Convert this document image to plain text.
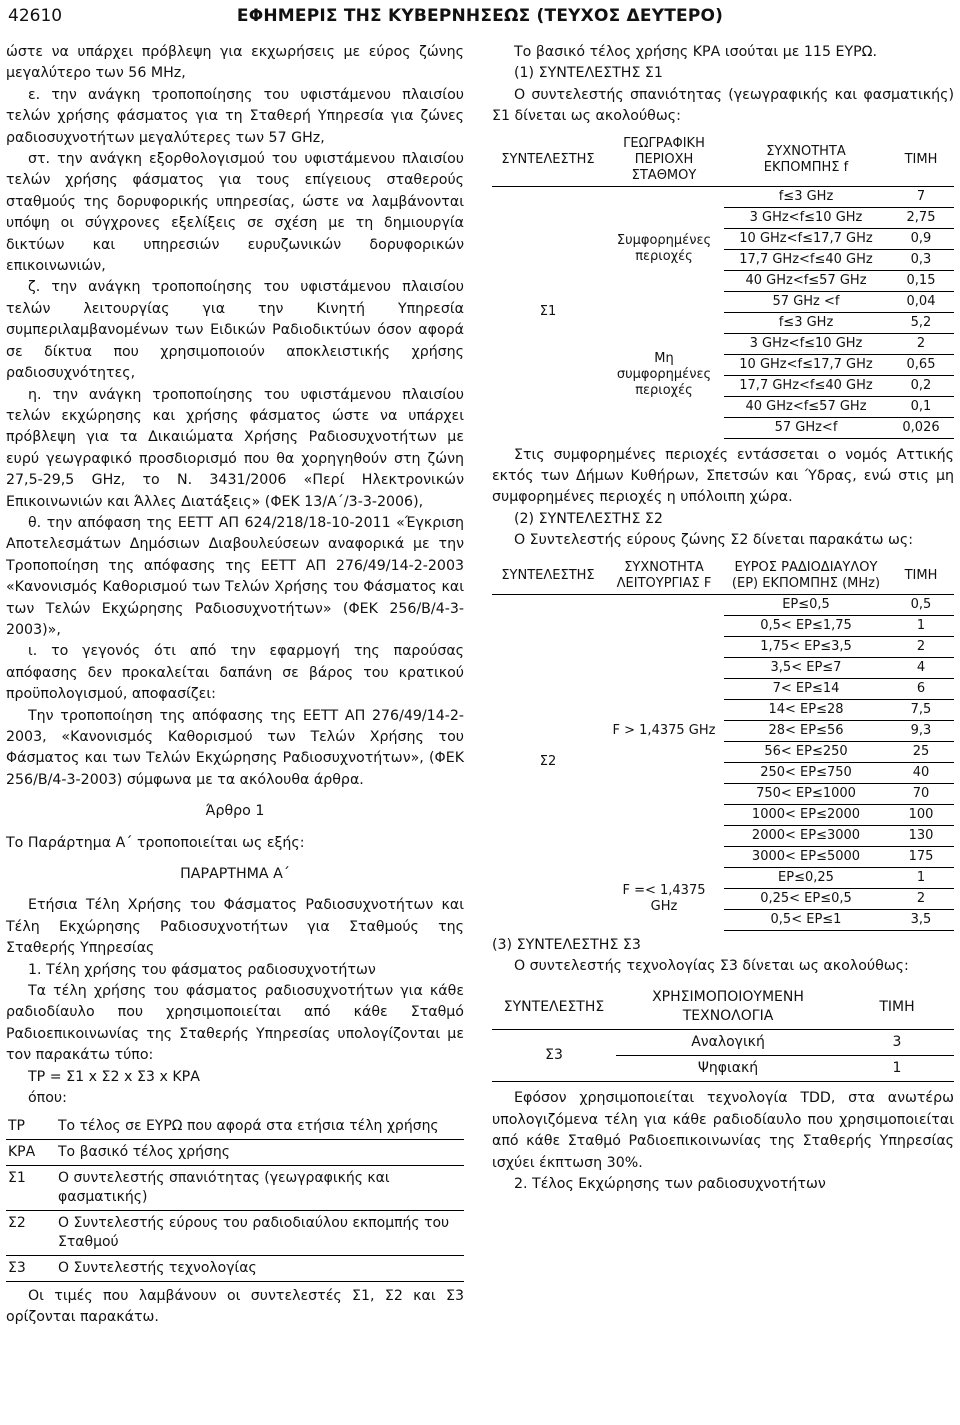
42610	ΕΦΗΜΕΡΙΣ ΤΗΣ ΚΥΒΕΡΝΗΣΕΩΣ (ΤΕΥΧΟΣ ΔΕΥΤΕΡΟ)

ώστε να υπάρχει πρόβλεψη για εκχωρήσεις με εύρος ζώνης μεγαλύτερο των 56 MHz,

ε. την ανάγκη τροποποίησης του υφιστάμενου πλαισίου τελών χρήσης φάσματος για τη Σταθερή Υπηρεσία για ζώνες ραδιοσυχνοτήτων μεγαλύτερες των 57 GHz,

στ. την ανάγκη εξορθολογισμού του υφιστάμενου πλαισίου τελών χρήσης φάσματος για τους επίγειους σταθερούς σταθμούς της δορυφορικής υπηρεσίας, ώστε να λαμβάνονται υπόψη οι σύγχρονες εξελίξεις σε σχέση με τη δημιουργία δικτύων και υπηρεσιών ευρυζωνικών δορυφορικών επικοινωνιών,

ζ. την ανάγκη τροποποίησης του υφιστάμενου πλαισίου τελών λειτουργίας για την Κινητή Υπηρεσία συμπεριλαμβανομένων των Ειδικών Ραδιοδικτύων όσον αφορά σε δίκτυα που χρησιμοποιούν αποκλειστικής χρήσης ραδιοσυχνότητες,

η. την ανάγκη τροποποίησης του υφιστάμενου πλαισίου τελών εκχώρησης και χρήσης φάσματος ώστε να υπάρχει πρόβλεψη για τα Δικαιώματα Χρήσης Ραδιοσυχνοτήτων με ευρύ γεωγραφικό προσδιορισμό που θα χορηγηθούν στη ζώνη 27,5-29,5 GHz, το Ν. 3431/2006 «Περί Ηλεκτρονικών Επικοινωνιών και Άλλες Διατάξεις» (ΦΕΚ 13/Α΄/3-3-2006),

θ. την απόφαση της ΕΕΤΤ ΑΠ 624/218/18-10-2011 «Έγκριση Αποτελεσμάτων Δημόσιων Διαβουλεύσεων αναφορικά με την Τροποποίηση της απόφασης της ΕΕΤΤ ΑΠ 276/49/14-2-2003 «Κανονισμός Καθορισμού των Τελών Χρήσης του Φάσματος και των Τελών Εκχώρησης Ραδιοσυχνοτήτων» (ΦΕΚ 256/Β/4-3-2003)»,

ι. το γεγονός ότι από την εφαρμογή της παρούσας απόφασης δεν προκαλείται δαπάνη σε βάρος του κρατικού προϋπολογισμού, αποφασίζει:

Την τροποποίηση της απόφασης της ΕΕΤΤ ΑΠ 276/49/14-2-2003, «Κανονισμός Καθορισμού των Τελών Χρήσης του Φάσματος και των Τελών Εκχώρησης Ραδιοσυχνοτήτων», (ΦΕΚ 256/Β/4-3-2003) σύμφωνα με τα ακόλουθα άρθρα.

Άρθρο 1

Το Παράρτημα Α΄ τροποποιείται ως εξής:

ΠΑΡΑΡΤΗΜΑ Α΄

Ετήσια Τέλη Χρήσης του Φάσματος Ραδιοσυχνοτήτων και Τέλη Εκχώρησης Ραδιοσυχνοτήτων για Σταθμούς της Σταθερής Υπηρεσίας

1. Τέλη χρήσης του φάσματος ραδιοσυχνοτήτων

Τα τέλη χρήσης του φάσματος ραδιοσυχνοτήτων για κάθε ραδιοδίαυλο που χρησιμοποιείται από κάθε Σταθμό Ραδιοεπικοινωνίας της Σταθερής Υπηρεσίας υπολογίζονται με τον παρακάτω τύπο:

ΤΡ = Σ1 x Σ2 x Σ3 x ΚΡΑ

όπου:

ΤΡ	Το τέλος σε ΕΥΡΩ που αφορά στα ετήσια τέλη χρήσης
ΚΡΑ	Το βασικό τέλος χρήσης
Σ1	Ο συντελεστής σπανιότητας (γεωγραφικής και φασματικής)
Σ2	Ο Συντελεστής εύρους του ραδιοδιαύλου εκπομπής του Σταθμού
Σ3	Ο Συντελεστής τεχνολογίας

Οι τιμές που λαμβάνουν οι συντελεστές Σ1, Σ2 και Σ3 ορίζονται παρακάτω.

Το βασικό τέλος χρήσης ΚΡΑ ισούται με 115 ΕΥΡΩ.

(1) ΣΥΝΤΕΛΕΣΤΗΣ Σ1

Ο συντελεστής σπανιότητας (γεωγραφικής και φασματικής) Σ1 δίνεται ως ακολούθως:

ΣΥΝΤΕΛΕΣΤΗΣ	ΓΕΩΓΡΑΦΙΚΗ ΠΕΡΙΟΧΗ ΣΤΑΘΜΟΥ	ΣΥΧΝΟΤΗΤΑ ΕΚΠΟΜΠΗΣ f	ΤΙΜΗ
Σ1	Συμφορημένες περιοχές	f≤3 GHz	7
		3 GHz<f≤10 GHz	2,75
		10 GHz<f≤17,7 GHz	0,9
		17,7 GHz<f≤40 GHz	0,3
		40 GHz<f≤57 GHz	0,15
		57 GHz <f	0,04
	Μη συμφορημένες περιοχές	f≤3 GHz	5,2
		3 GHz<f≤10 GHz	2
		10 GHz<f≤17,7 GHz	0,65
		17,7 GHz<f≤40 GHz	0,2
		40 GHz<f≤57 GHz	0,1
		57 GHz<f	0,026

Στις συμφορημένες περιοχές εντάσσεται ο νομός Αττικής εκτός των Δήμων Κυθήρων, Σπετσών και Ύδρας, ενώ στις μη συμφορημένες περιοχές η υπόλοιπη χώρα.

(2) ΣΥΝΤΕΛΕΣΤΗΣ Σ2

Ο Συντελεστής εύρους ζώνης Σ2 δίνεται παρακάτω ως:

ΣΥΝΤΕΛΕΣΤΗΣ	ΣΥΧΝΟΤΗΤΑ ΛΕΙΤΟΥΡΓΙΑΣ F	ΕΥΡΟΣ ΡΑΔΙΟΔΙΑΥΛΟΥ (ΕΡ) ΕΚΠΟΜΠΗΣ (MHz)	ΤΙΜΗ
Σ2	F > 1,4375 GHz	ΕΡ≤0,5	0,5
		0,5< ΕΡ≤1,75	1
		1,75< ΕΡ≤3,5	2
		3,5< ΕΡ≤7	4
		7< ΕΡ≤14	6
		14< ΕΡ≤28	7,5
		28< ΕΡ≤56	9,3
		56< ΕΡ≤250	25
		250< ΕΡ≤750	40
		750< ΕΡ≤1000	70
		1000< ΕΡ≤2000	100
		2000< ΕΡ≤3000	130
		3000< ΕΡ≤5000	175
	F =< 1,4375 GHz	ΕΡ≤0,25	1
		0,25< ΕΡ≤0,5	2
		0,5< ΕΡ≤1	3,5

(3) ΣΥΝΤΕΛΕΣΤΗΣ Σ3

Ο συντελεστής τεχνολογίας Σ3 δίνεται ως ακολούθως:

ΣΥΝΤΕΛΕΣΤΗΣ	ΧΡΗΣΙΜΟΠΟΙΟΥΜΕΝΗ ΤΕΧΝΟΛΟΓΙΑ	ΤΙΜΗ
Σ3	Αναλογική	3
	Ψηφιακή	1

Εφόσον χρησιμοποιείται τεχνολογία TDD, στα ανωτέρω υπολογιζόμενα τέλη για κάθε ραδιοδίαυλο που χρησιμοποιείται από κάθε Σταθμό Ραδιοεπικοινωνίας της Σταθερής Υπηρεσίας ισχύει έκπτωση 30%.

2. Τέλος Εκχώρησης των ραδιοσυχνοτήτων
